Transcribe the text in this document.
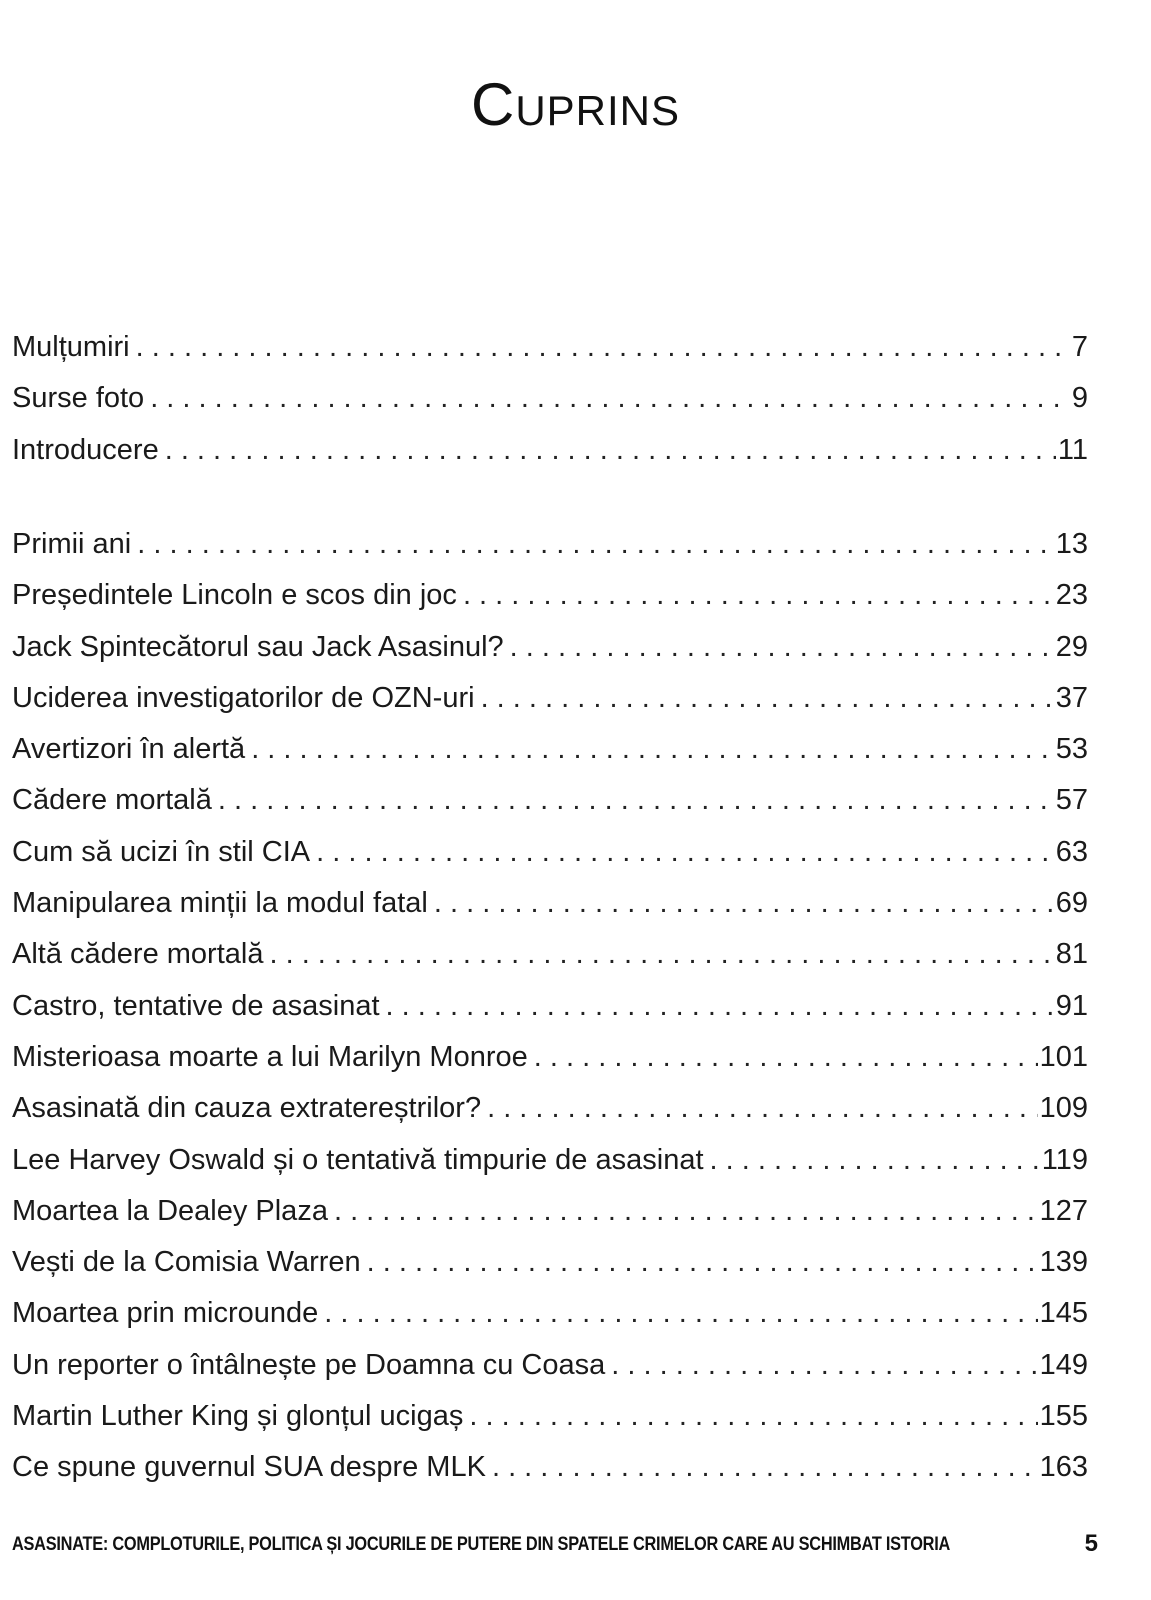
Cuprins
Mulțumiri . . .	7
Surse foto . . .	9
Introducere . . .	11
Primii ani . . .	13
Președintele Lincoln e scos din joc . . .	23
Jack Spintecătorul sau Jack Asasinul? . . .	29
Uciderea investigatorilor de OZN-uri . . .	37
Avertizori în alertă . . .	53
Cădere mortală . . .	57
Cum să ucizi în stil CIA . . .	63
Manipularea minții la modul fatal . . .	69
Altă cădere mortală . . .	81
Castro, tentative de asasinat . . .	91
Misterioasa moarte a lui Marilyn Monroe . . .	101
Asasinată din cauza extratereștrilor? . . .	109
Lee Harvey Oswald și o tentativă timpurie de asasinat . . .	119
Moartea la Dealey Plaza . . .	127
Vești de la Comisia Warren . . .	139
Moartea prin microunde . . .	145
Un reporter o întâlnește pe Doamna cu Coasa . . .	149
Martin Luther King și glonțul ucigaș . . .	155
Ce spune guvernul SUA despre MLK . . .	163
ASASINATE: COMPLOTURILE, POLITICA ȘI JOCURILE DE PUTERE DIN SPATELE CRIMELOR CARE AU SCHIMBAT ISTORIA	5
